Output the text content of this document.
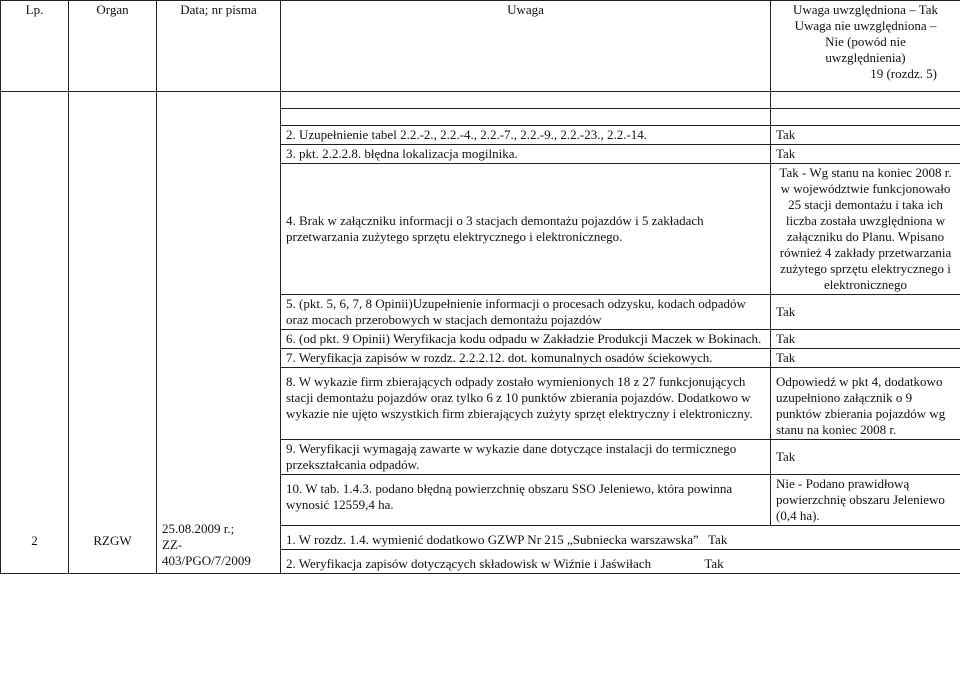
Lp.	Organ	Data; nr pisma	Uwaga	Uwaga uwzględniona – Tak
Uwaga nie uwzględniona –
Nie (powód nie
uwzględnienia)
19 (rozdz. 5)

2	RZGW	25.08.2009 r.;
ZZ-
403/PGO/7/2009		

			2. Uzupełnienie tabel 2.2.-2., 2.2.-4., 2.2.-7., 2.2.-9., 2.2.-23., 2.2.-14.	Tak
			3. pkt. 2.2.2.8. błędna lokalizacja mogilnika.	Tak
			4. Brak w załączniku informacji o 3 stacjach demontażu pojazdów i 5 zakładach przetwarzania zużytego sprzętu elektrycznego i elektronicznego.	Tak - Wg stanu na koniec 2008 r. w województwie funkcjonowało 25 stacji demontażu i taka ich liczba została uwzględniona w załączniku do Planu. Wpisano również 4 zakłady przetwarzania zużytego sprzętu elektrycznego i elektronicznego
			5. (pkt. 5, 6, 7, 8 Opinii)Uzupełnienie informacji o procesach odzysku, kodach odpadów oraz mocach przerobowych w stacjach demontażu pojazdów	Tak
			6. (od pkt. 9 Opinii) Weryfikacja kodu odpadu w Zakładzie Produkcji Maczek w Bokinach.	Tak
			7. Weryfikacja zapisów w rozdz. 2.2.2.12. dot. komunalnych osadów ściekowych.	Tak
			8. W wykazie firm zbierających odpady zostało wymienionych 18 z 27 funkcjonujących stacji demontażu pojazdów oraz tylko 6 z 10 punktów zbierania pojazdów. Dodatkowo w wykazie nie ujęto wszystkich firm zbierających zużyty sprzęt elektryczny i elektroniczny.	Odpowiedź w pkt 4, dodatkowo uzupełniono załącznik o 9 punktów zbierania pojazdów wg stanu na koniec 2008 r.
			9. Weryfikacji wymagają zawarte w wykazie dane dotyczące instalacji do termicznego przekształcania odpadów.	Tak
			10. W tab. 1.4.3. podano błędną powierzchnię obszaru SSO Jeleniewo, która powinna wynosić 12559,4 ha.	Nie - Podano prawidłową powierzchnię obszaru Jeleniewo (0,4 ha).
			1. W rozdz. 1.4. wymienić dodatkowo GZWP Nr 215 „Subniecka warszawska” Tak	
			2. Weryfikacja zapisów dotyczących składowisk w Wiźnie i Jaświłach Tak	
